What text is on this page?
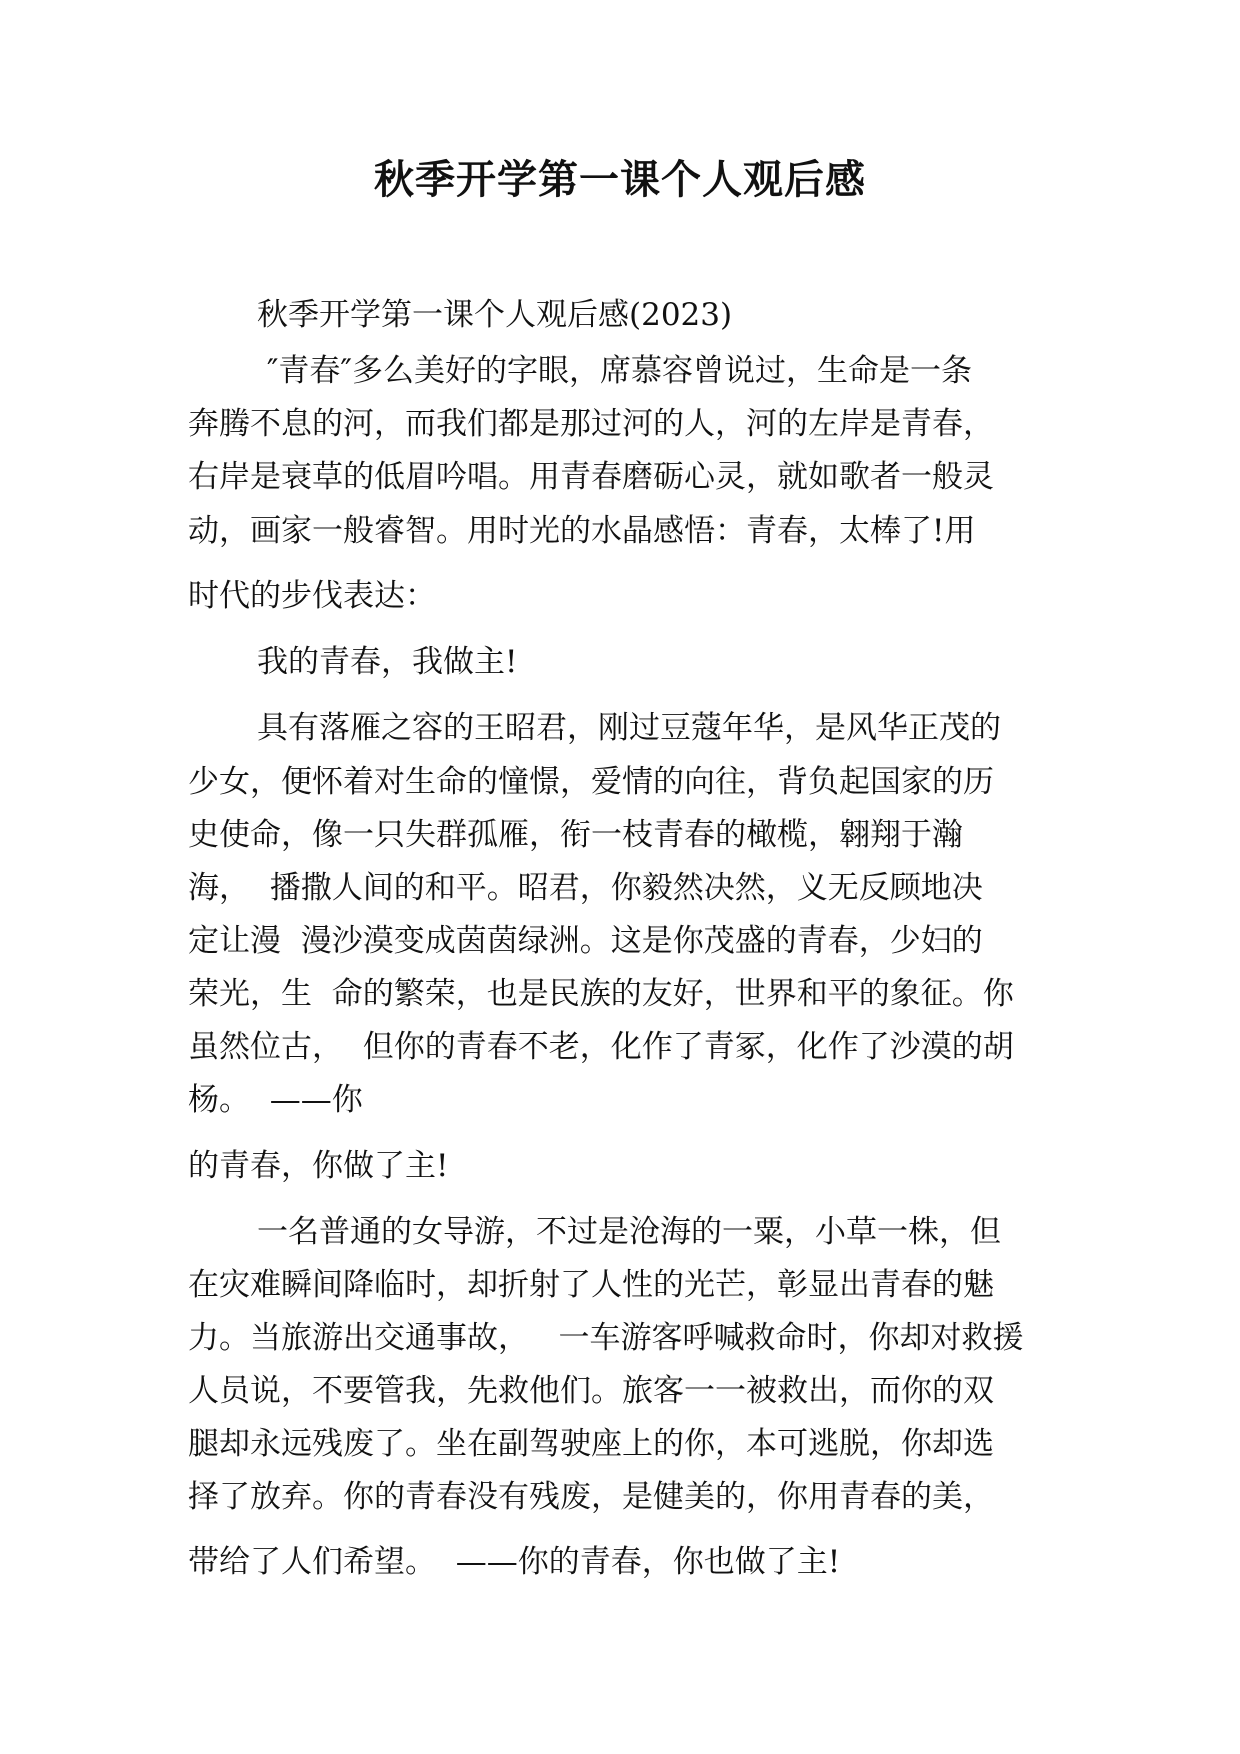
秋季开学第一课个人观后感

秋季开学第一课个人观后感(2023)

″青春″多么美好的字眼，席慕容曾说过，生命是一条

奔腾不息的河，而我们都是那过河的人，河的左岸是青春，

右岸是衰草的低眉吟唱。用青春磨砺心灵，就如歌者一般灵

动，画家一般睿智。用时光的水晶感悟：青春，太棒了!用

时代的步伐表达：

我的青春，我做主!

具有落雁之容的王昭君，刚过豆蔻年华，是风华正茂的

少女，便怀着对生命的憧憬，爱情的向往，背负起国家的历

史使命，像一只失群孤雁，衔一枝青春的橄榄，翱翔于瀚

海，  播撒人间的和平。昭君，你毅然决然，义无反顾地决

定让漫  漫沙漠变成茵茵绿洲。这是你茂盛的青春，少妇的

荣光，生  命的繁荣，也是民族的友好，世界和平的象征。你

虽然位古，  但你的青春不老，化作了青冢，化作了沙漠的胡

杨。  ——你

的青春，你做了主!

一名普通的女导游，不过是沧海的一粟，小草一株，但

在灾难瞬间降临时，却折射了人性的光芒，彰显出青春的魅

力。当旅游出交通事故，   一车游客呼喊救命时，你却对救援

人员说，不要管我，先救他们。旅客一一被救出，而你的双

腿却永远残废了。坐在副驾驶座上的你，本可逃脱，你却选

择了放弃。你的青春没有残废，是健美的，你用青春的美，

带给了人们希望。  ——你的青春，你也做了主!
